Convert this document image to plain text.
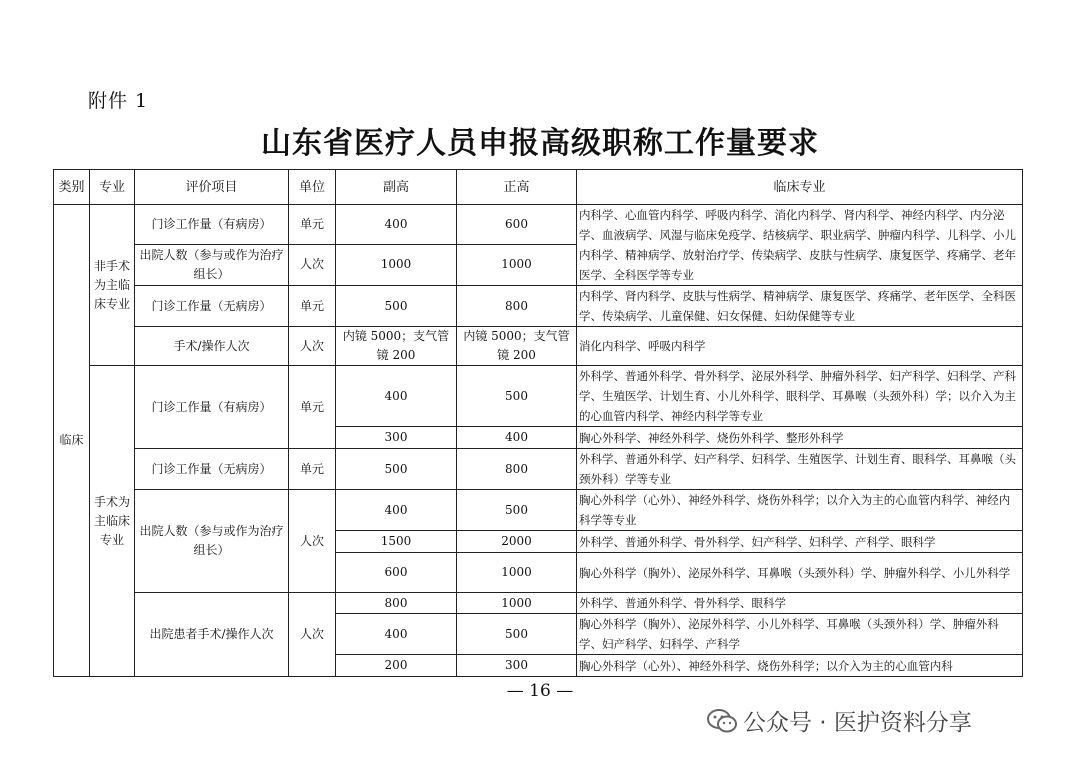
附件 1
山东省医疗人员申报高级职称工作量要求
类别	专业	评价项目	单位	副高	正高	临床专业
临床	非手术为主临床专业	门诊工作量（有病房）	单元	400	600	内科学、心血管内科学、呼吸内科学、消化内科学、肾内科学、神经内科学、内分泌学、血液病学、风湿与临床免疫学、结核病学、职业病学、肿瘤内科学、儿科学、小儿内科学、精神病学、放射治疗学、传染病学、皮肤与性病学、康复医学、疼痛学、老年医学、全科医学等专业
		出院人数（参与或作为治疗组长）	人次	1000	1000	
		门诊工作量（无病房）	单元	500	800	内科学、肾内科学、皮肤与性病学、精神病学、康复医学、疼痛学、老年医学、全科医学、传染病学、儿童保健、妇女保健、妇幼保健等专业
		手术/操作人次	人次	内镜 5000；支气管镜 200	内镜 5000；支气管镜 200	消化内科学、呼吸内科学
	手术为主临床专业	门诊工作量（有病房）	单元	400	500	外科学、普通外科学、骨外科学、泌尿外科学、肿瘤外科学、妇产科学、妇科学、产科学、生殖医学、计划生育、小儿外科学、眼科学、耳鼻喉（头颈外科）学；以介入为主的心血管内科学、神经内科学等专业
				300	400	胸心外科学、神经外科学、烧伤外科学、整形外科学
		门诊工作量（无病房）	单元	500	800	外科学、普通外科学、妇产科学、妇科学、生殖医学、计划生育、眼科学、耳鼻喉（头颈外科）学等专业
		出院人数（参与或作为治疗组长）	人次	400	500	胸心外科学（心外）、神经外科学、烧伤外科学；以介入为主的心血管内科学、神经内科学等专业
				1500	2000	外科学、普通外科学、骨外科学、妇产科学、妇科学、产科学、眼科学
				600	1000	胸心外科学（胸外）、泌尿外科学、耳鼻喉（头颈外科）学、肿瘤外科学、小儿外科学
		出院患者手术/操作人次	人次	800	1000	外科学、普通外科学、骨外科学、眼科学
				400	500	胸心外科学（胸外）、泌尿外科学、小儿外科学、耳鼻喉（头颈外科）学、肿瘤外科学、妇产科学、妇科学、产科学
				200	300	胸心外科学（心外）、神经外科学、烧伤外科学；以介入为主的心血管内科
— 16 —
公众号 · 医护资料分享
